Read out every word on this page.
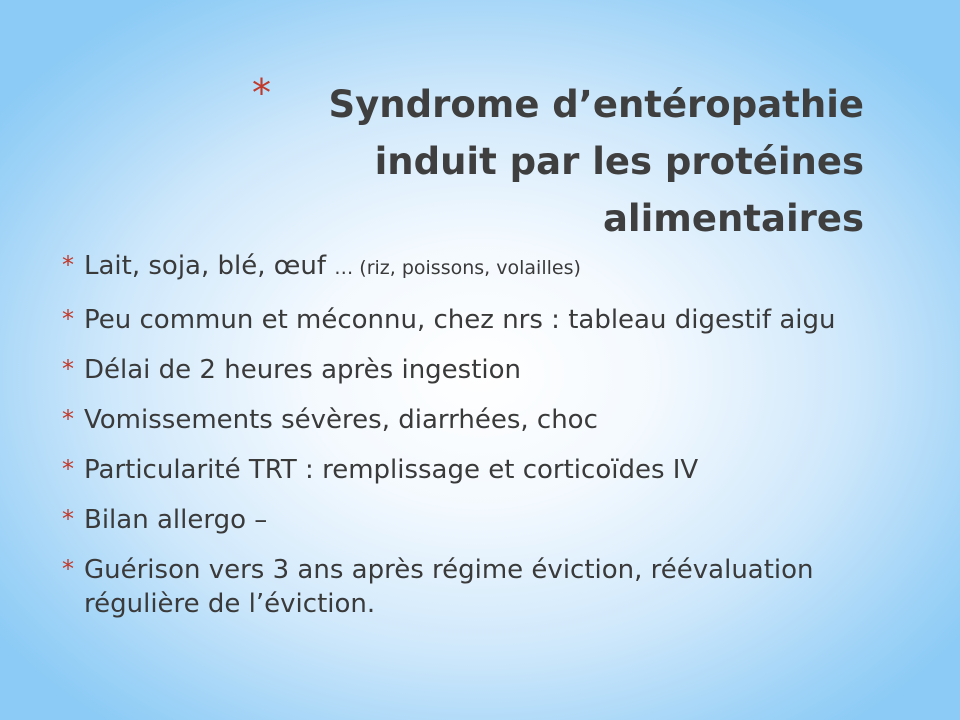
*	Syndrome d’entéropathie
induit par les protéines
alimentaires
* Lait, soja, blé, œuf … (riz, poissons, volailles)
* Peu commun et méconnu, chez nrs : tableau digestif aigu
* Délai de 2 heures après ingestion
* Vomissements sévères, diarrhées, choc
* Particularité TRT : remplissage et corticoïdes IV
* Bilan allergo –
* Guérison vers 3 ans après régime éviction, réévaluation régulière de l’éviction.
